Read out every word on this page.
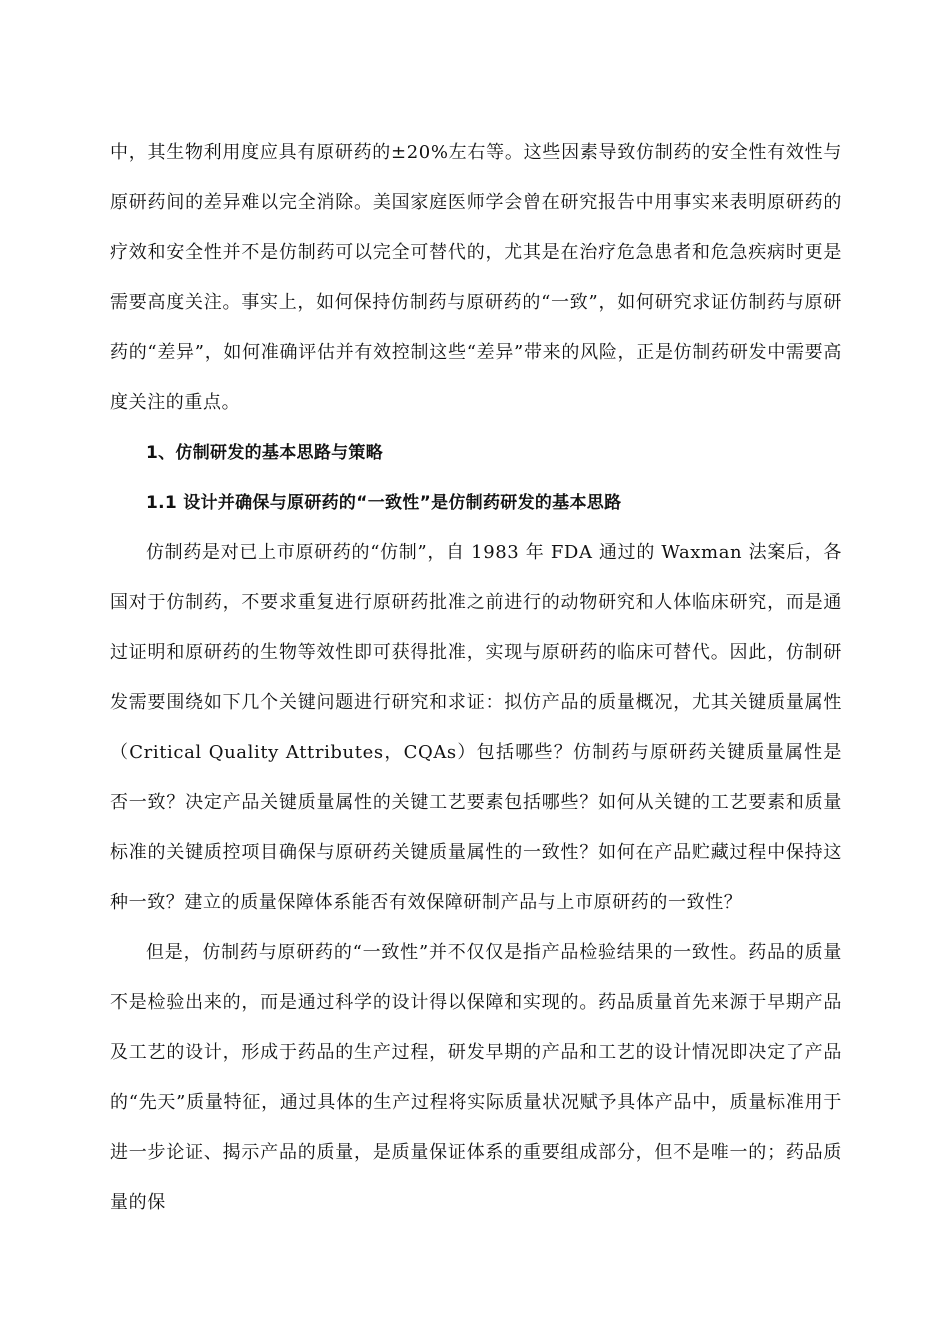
中，其生物利用度应具有原研药的±20%左右等。这些因素导致仿制药的安全性有效性与原研药间的差异难以完全消除。美国家庭医师学会曾在研究报告中用事实来表明原研药的疗效和安全性并不是仿制药可以完全可替代的，尤其是在治疗危急患者和危急疾病时更是需要高度关注。事实上，如何保持仿制药与原研药的“一致”，如何研究求证仿制药与原研药的“差异”，如何准确评估并有效控制这些“差异”带来的风险，正是仿制药研发中需要高度关注的重点。

1、仿制研发的基本思路与策略

1.1 设计并确保与原研药的“一致性”是仿制药研发的基本思路

仿制药是对已上市原研药的“仿制”，自 1983 年 FDA 通过的 Waxman 法案后，各国对于仿制药，不要求重复进行原研药批准之前进行的动物研究和人体临床研究，而是通过证明和原研药的生物等效性即可获得批准，实现与原研药的临床可替代。因此，仿制研发需要围绕如下几个关键问题进行研究和求证：拟仿产品的质量概况，尤其关键质量属性（Critical Quality Attributes，CQAs）包括哪些？仿制药与原研药关键质量属性是否一致？决定产品关键质量属性的关键工艺要素包括哪些？如何从关键的工艺要素和质量标准的关键质控项目确保与原研药关键质量属性的一致性？如何在产品贮藏过程中保持这种一致？建立的质量保障体系能否有效保障研制产品与上市原研药的一致性？

但是，仿制药与原研药的“一致性”并不仅仅是指产品检验结果的一致性。药品的质量不是检验出来的，而是通过科学的设计得以保障和实现的。药品质量首先来源于早期产品及工艺的设计，形成于药品的生产过程，研发早期的产品和工艺的设计情况即决定了产品的“先天”质量特征，通过具体的生产过程将实际质量状况赋予具体产品中，质量标准用于进一步论证、揭示产品的质量，是质量保证体系的重要组成部分，但不是唯一的；药品质量的保
